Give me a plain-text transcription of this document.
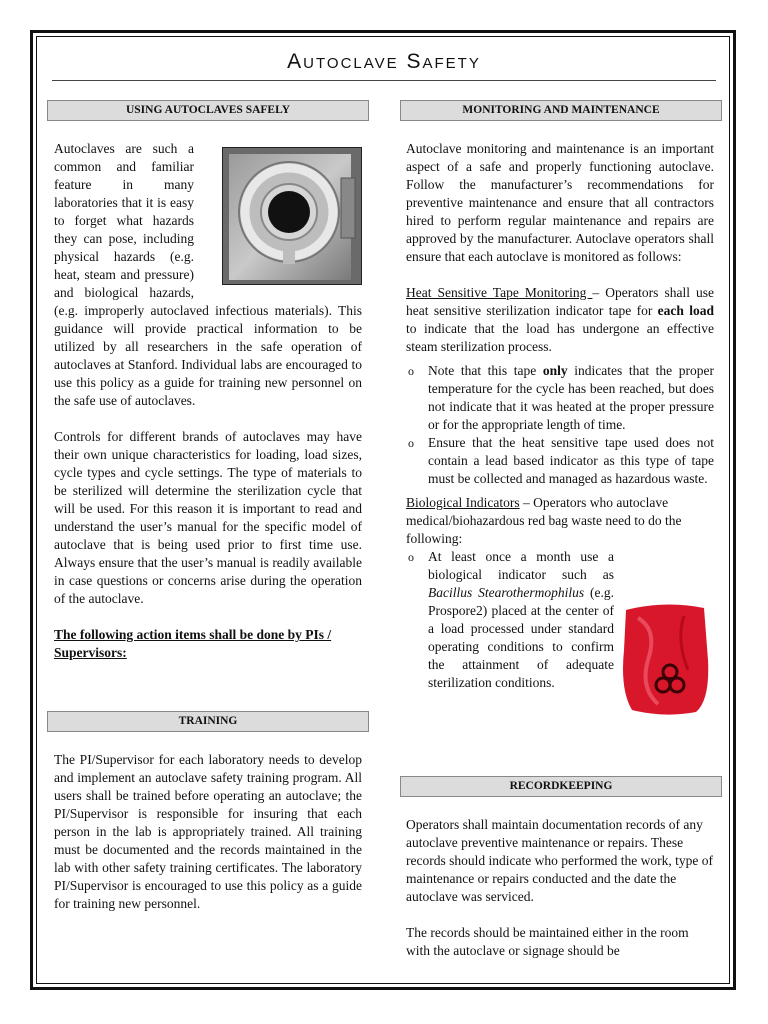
Autoclave Safety
USING AUTOCLAVES SAFELY

Autoclaves are such a common and familiar feature in many laboratories that it is easy to forget what hazards they can pose, including physical hazards (e.g. heat, steam and pressure) and biological hazards, (e.g. improperly autoclaved infectious materials). This guidance will provide practical information to be utilized by all researchers in the safe operation of autoclaves at Stanford. Individual labs are encouraged to use this policy as a guide for training new personnel on the safe use of autoclaves.

Controls for different brands of autoclaves may have their own unique characteristics for loading, load sizes, cycle types and cycle settings. The type of materials to be sterilized will determine the sterilization cycle that will be used. For this reason it is important to read and understand the user’s manual for the specific model of autoclave that is being used prior to first time use. Always ensure that the user’s manual is readily available in case questions or concerns arise during the operation of the autoclave.

The following action items shall be done by PIs / Supervisors:

TRAINING

The PI/Supervisor for each laboratory needs to develop and implement an autoclave safety training program. All users shall be trained before operating an autoclave; the PI/Supervisor is responsible for insuring that each person in the lab is appropriately trained. All training must be documented and the records maintained in the lab with other safety training certificates. The laboratory PI/Supervisor is encouraged to use this policy as a guide for training new personnel.

MONITORING AND MAINTENANCE

Autoclave monitoring and maintenance is an important aspect of a safe and properly functioning autoclave. Follow the manufacturer’s recommendations for preventive maintenance and ensure that all contractors hired to perform regular maintenance and repairs are approved by the manufacturer. Autoclave operators shall ensure that each autoclave is monitored as follows:

Heat Sensitive Tape Monitoring – Operators shall use heat sensitive sterilization indicator tape for each load to indicate that the load has undergone an effective steam sterilization process.

o Note that this tape only indicates that the proper temperature for the cycle has been reached, but does not indicate that it was heated at the proper pressure or for the appropriate length of time.
o Ensure that the heat sensitive tape used does not contain a lead based indicator as this type of tape must be collected and managed as hazardous waste.

Biological Indicators – Operators who autoclave medical/biohazardous red bag waste need to do the following:

o At least once a month use a biological indicator such as Bacillus Stearothermophilus (e.g. Prospore2) placed at the center of a load processed under standard operating conditions to confirm the attainment of adequate sterilization conditions.
RECORDKEEPING

Operators shall maintain documentation records of any autoclave preventive maintenance or repairs. These records should indicate who performed the work, type of maintenance or repairs conducted and the date the autoclave was serviced.

The records should be maintained either in the room with the autoclave or signage should be
